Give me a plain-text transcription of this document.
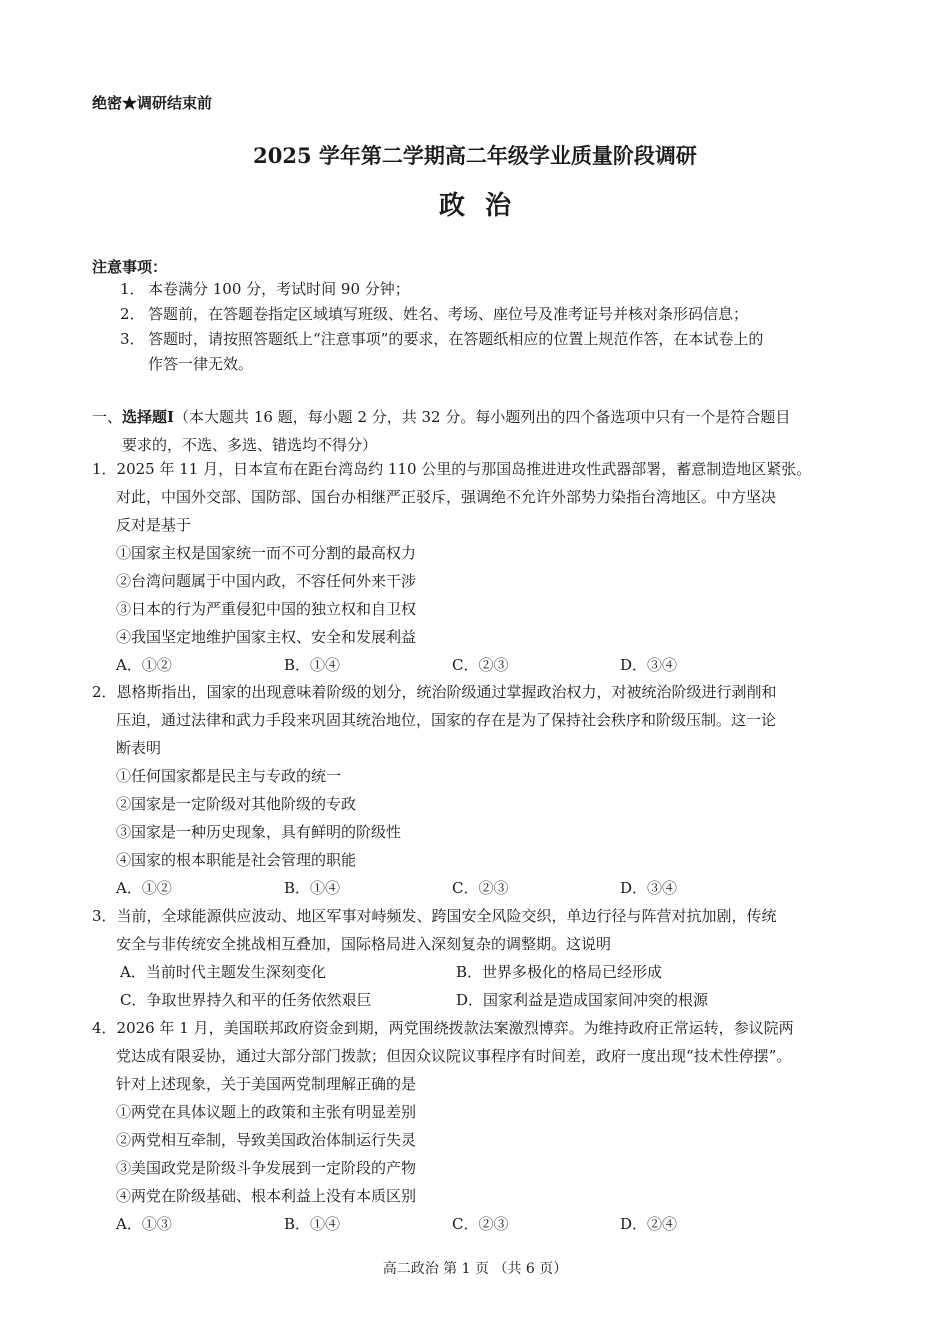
绝密★调研结束前
2025 学年第二学期高二年级学业质量阶段调研
政治
注意事项：
1． 本卷满分 100 分，考试时间 90 分钟；
2． 答题前，在答题卷指定区域填写班级、姓名、考场、座位号及准考证号并核对条形码信息；
3． 答题时，请按照答题纸上“注意事项”的要求，在答题纸相应的位置上规范作答，在本试卷上的
作答一律无效。
一、选择题Ⅰ（本大题共 16 题，每小题 2 分，共 32 分。每小题列出的四个备选项中只有一个是符合题目
要求的，不选、多选、错选均不得分）
1．2025 年 11 月，日本宣布在距台湾岛约 110 公里的与那国岛推进进攻性武器部署，蓄意制造地区紧张。
对此，中国外交部、国防部、国台办相继严正驳斥，强调绝不允许外部势力染指台湾地区。中方坚决
反对是基于
①国家主权是国家统一而不可分割的最高权力
②台湾问题属于中国内政，不容任何外来干涉
③日本的行为严重侵犯中国的独立权和自卫权
④我国坚定地维护国家主权、安全和发展利益
A．①②	B．①④	C．②③	D．③④
2．恩格斯指出，国家的出现意味着阶级的划分，统治阶级通过掌握政治权力，对被统治阶级进行剥削和
压迫，通过法律和武力手段来巩固其统治地位，国家的存在是为了保持社会秩序和阶级压制。这一论
断表明
①任何国家都是民主与专政的统一
②国家是一定阶级对其他阶级的专政
③国家是一种历史现象，具有鲜明的阶级性
④国家的根本职能是社会管理的职能
A．①②	B．①④	C．②③	D．③④
3．当前，全球能源供应波动、地区军事对峙频发、跨国安全风险交织，单边行径与阵营对抗加剧，传统
安全与非传统安全挑战相互叠加，国际格局进入深刻复杂的调整期。这说明
A．当前时代主题发生深刻变化	B．世界多极化的格局已经形成
C．争取世界持久和平的任务依然艰巨	D．国家利益是造成国家间冲突的根源
4．2026 年 1 月，美国联邦政府资金到期，两党围绕拨款法案激烈博弈。为维持政府正常运转，参议院两
党达成有限妥协，通过大部分部门拨款；但因众议院议事程序有时间差，政府一度出现“技术性停摆”。
针对上述现象，关于美国两党制理解正确的是
①两党在具体议题上的政策和主张有明显差别
②两党相互牵制，导致美国政治体制运行失灵
③美国政党是阶级斗争发展到一定阶段的产物
④两党在阶级基础、根本利益上没有本质区别
A．①③	B．①④	C．②③	D．②④
高二政治 第 1 页 （共 6 页）
